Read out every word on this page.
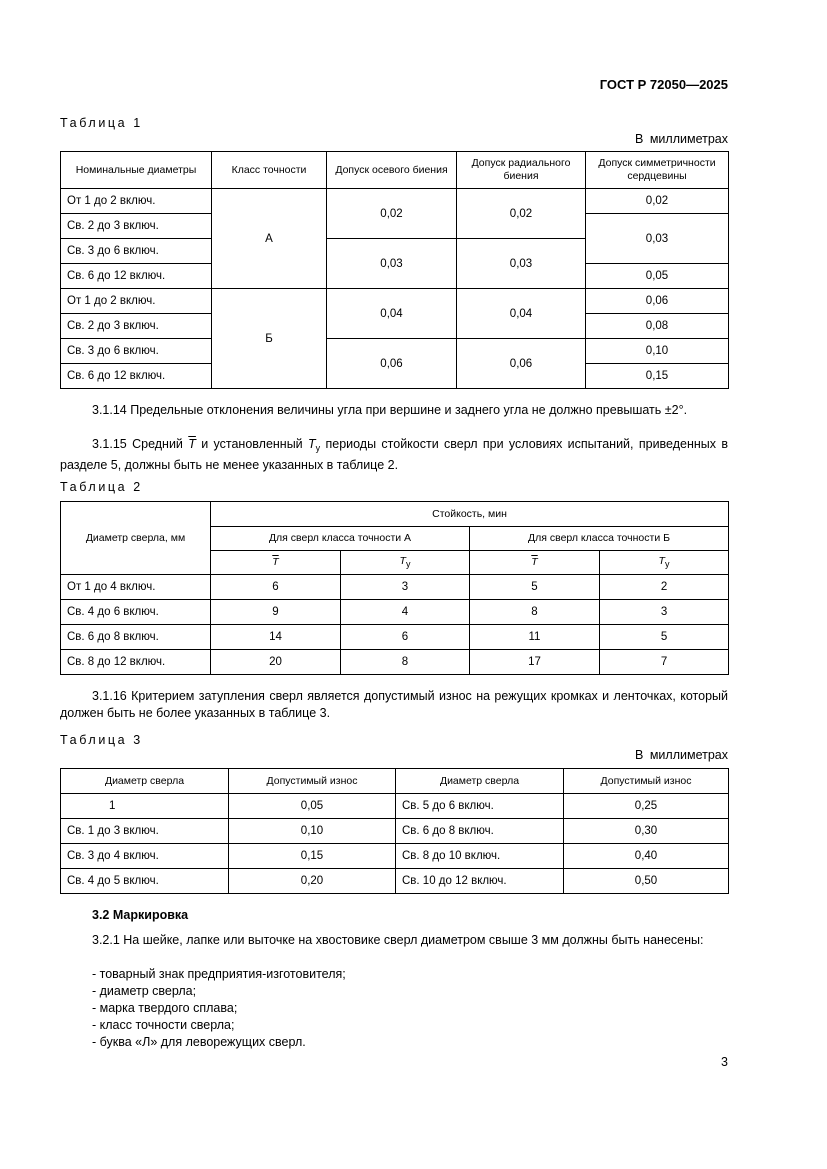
ГОСТ Р 72050—2025
Таблица 1
В миллиметрах
Номинальные диаметры	Класс точности	Допуск осевого биения	Допуск радиального биения	Допуск симметричности сердцевины
От 1 до 2 включ.	А	0,02	0,02	0,02
Св. 2 до 3 включ.				0,03
Св. 3 до 6 включ.		0,03	0,03	
Св. 6 до 12 включ.				0,05
От 1 до 2 включ.	Б	0,04	0,04	0,06
Св. 2 до 3 включ.				0,08
Св. 3 до 6 включ.		0,06	0,06	0,10
Св. 6 до 12 включ.				0,15
3.1.14 Предельные отклонения величины угла при вершине и заднего угла не должно превышать ±2°.
3.1.15 Средний $\overline{T}$ и установленный $T_у$ периоды стойкости сверл при условиях испытаний, приведенных в разделе 5, должны быть не менее указанных в таблице 2.
Таблица 2
Диаметр сверла, мм	Стойкость, мин			
	Для сверл класса точности А		Для сверл класса точности Б	
	$\overline{T}$	Tу	$\overline{T}$	Tу
От 1 до 4 включ.	6	3	5	2
Св. 4 до 6 включ.	9	4	8	3
Св. 6 до 8 включ.	14	6	11	5
Св. 8 до 12 включ.	20	8	17	7
3.1.16 Критерием затупления сверл является допустимый износ на режущих кромках и ленточках, который должен быть не более указанных в таблице 3.
Таблица 3
В миллиметрах
Диаметр сверла	Допустимый износ	Диаметр сверла	Допустимый износ
1	0,05	Св. 5 до 6 включ.	0,25
Св. 1 до 3 включ.	0,10	Св. 6 до 8 включ.	0,30
Св. 3 до 4 включ.	0,15	Св. 8 до 10 включ.	0,40
Св. 4 до 5 включ.	0,20	Св. 10 до 12 включ.	0,50
3.2 Маркировка
3.2.1 На шейке, лапке или выточке на хвостовике сверл диаметром свыше 3 мм должны быть нанесены:
- товарный знак предприятия-изготовителя;
- диаметр сверла;
- марка твердого сплава;
- класс точности сверла;
- буква «Л» для леворежущих сверл.
3
